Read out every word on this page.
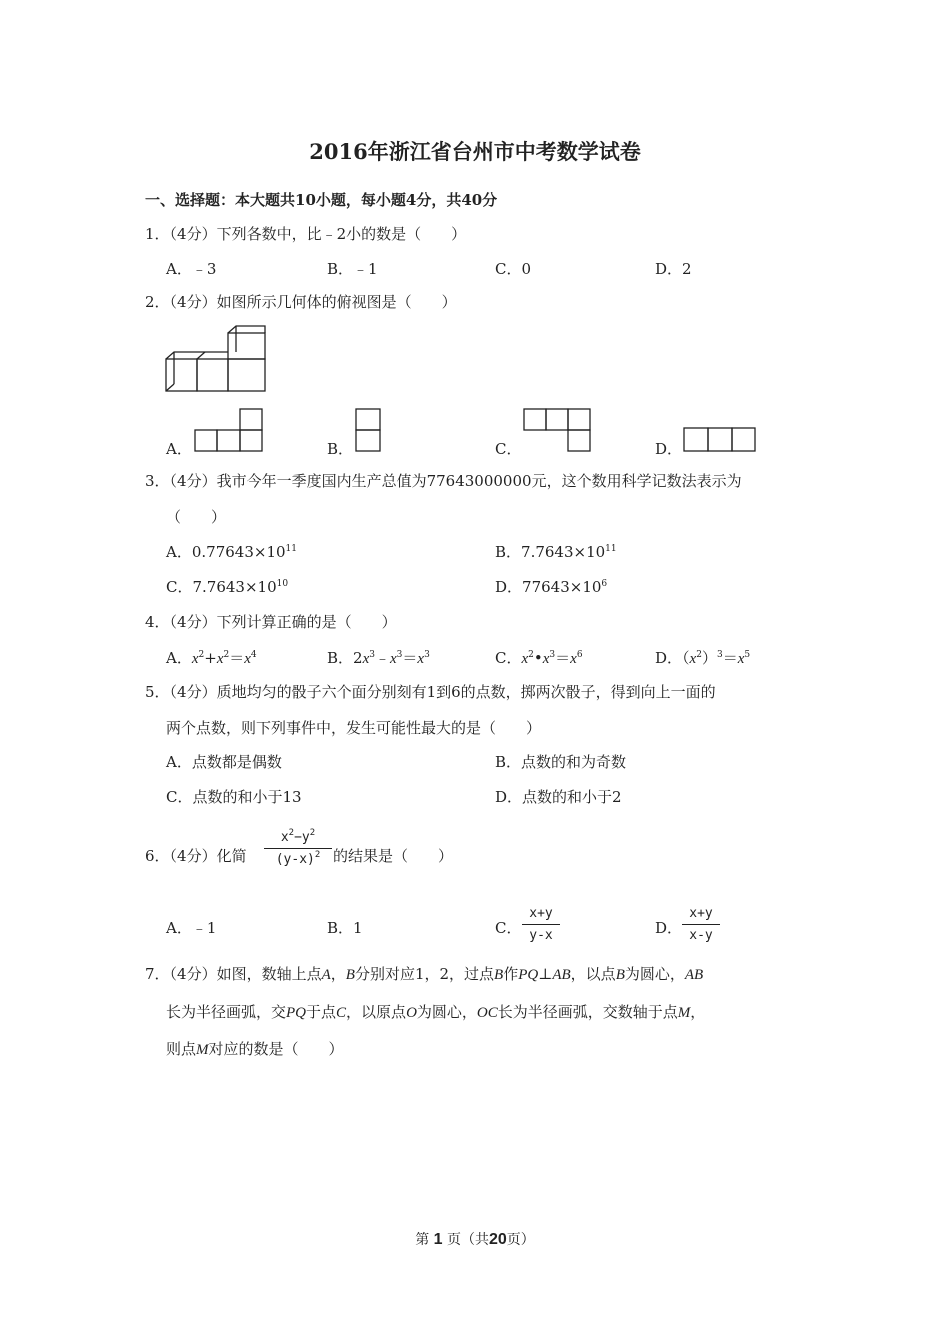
2016年浙江省台州市中考数学试卷
一、选择题：本大题共10小题，每小题4分，共40分
1．（4分）下列各数中，比﹣2小的数是（　　）
A．﹣3	B．﹣1	C．0	D．2
2．（4分）如图所示几何体的俯视图是（　　）
A．	B．	C．	D．
3．（4分）我市今年一季度国内生产总值为77643000000元，这个数用科学记数法表示为
（　　）
A．$0.77643\times 10^{11}$	B．$7.7643\times 10^{11}$
C．$7.7643\times 10^{10}$	D．$77643\times 10^6$
4．（4分）下列计算正确的是（　　）
A．$x^2+x^2=x^4$	B．$2x^3﹣x^3=x^3$	C．$x^2•x^3=x^6$	D．$(x^2)^3=x^5$
5．（4分）质地均匀的骰子六个面分别刻有1到6的点数，掷两次骰子，得到向上一面的
两个点数，则下列事件中，发生可能性最大的是（　　）
A．点数都是偶数	B．点数的和为奇数
C．点数的和小于13	D．点数的和小于2
6．（4分）化简
$x^2-y^2$
$(y-x)^2$ 的结果是（　　）
A．﹣1	B．1	C．
x+y
y-x	D．
x+y
x-y
7．（4分）如图，数轴上点A，B分别对应1，2，过点B作PQ⊥AB，以点B为圆心，AB
长为半径画弧，交PQ于点C，以原点O为圆心，OC长为半径画弧，交数轴于点M，
则点M对应的数是（　　）
第 1 页（共20页）
